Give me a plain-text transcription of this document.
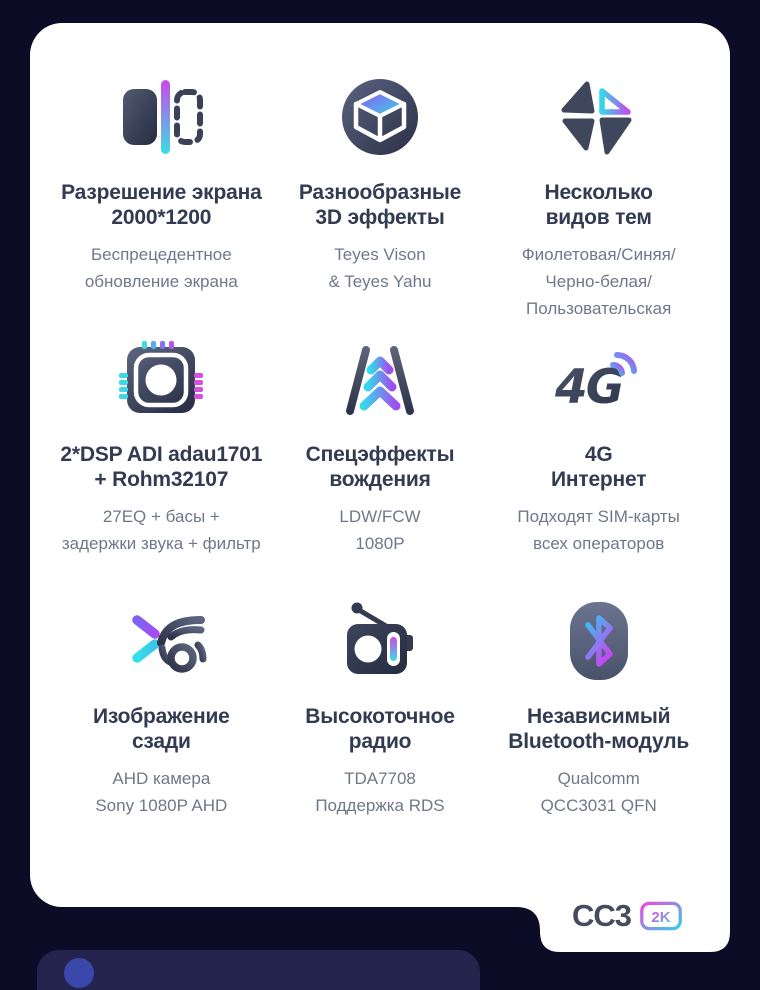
Разрешение экрана
2000*1200
Беспрецедентное
обновление экрана
Разнообразные
3D эффекты
Teyes Vison
& Teyes Yahu
Несколько
видов тем
Фиолетовая/Синяя/
Черно-белая/
Пользовательская
2*DSP ADI adau1701
+ Rohm32107
27EQ + басы +
задержки звука + фильтр
Спецэффекты
вождения
LDW/FCW
1080P
4G
4G
Интернет
Подходят SIM-карты
всех операторов
Изображение
сзади
AHD камера
Sony 1080P AHD
Высокоточное
радио
TDA7708
Поддержка RDS
Независимый
Bluetooth-модуль
Qualcomm
QCC3031 QFN
CC3 2K
